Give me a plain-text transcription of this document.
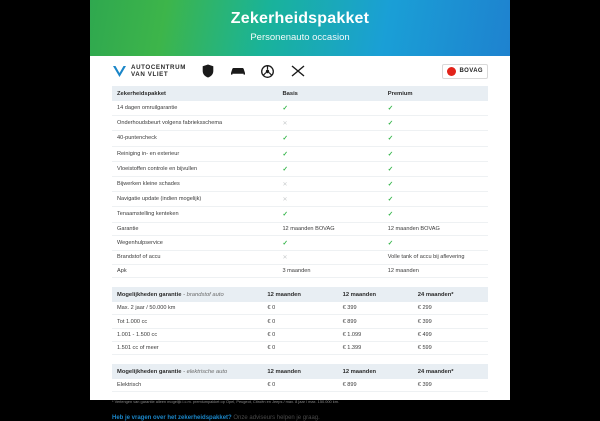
Zekerheidspakket
Personenauto occasion
AUTOCENTRUM
VAN VLIET	BOVAG
Zekerheidspakket	Basis	Premium
14 dagen omruilgarantie	✓	✓
Onderhoudsbeurt volgens fabrieksschema	✕	✓
40-puntencheck	✓	✓
Reiniging in- en exterieur	✓	✓
Vloeistoffen controle en bijvullen	✓	✓
Bijwerken kleine schades	✕	✓
Navigatie update (indien mogelijk)	✕	✓
Tenaamstelling kenteken	✓	✓
Garantie	12 maanden BOVAG	12 maanden BOVAG
Wegenhulpservice	✓	✓
Brandstof of accu	✕	Volle tank of accu bij aflevering
Apk	3 maanden	12 maanden
Mogelijkheden garantie - brandstof auto	12 maanden	12 maanden	24 maanden*
Max. 2 jaar / 50.000 km	€ 0	€ 399	€ 299
Tot 1.000 cc	€ 0	€ 899	€ 399
1.001 - 1.500 cc	€ 0	€ 1.099	€ 499
1.501 cc of meer	€ 0	€ 1.399	€ 599
Mogelijkheden garantie - elektrische auto	12 maanden	12 maanden	24 maanden*
Elektrisch	€ 0	€ 899	€ 399
* Verlengen van garantie alleen mogelijk i.c.m. premiumpakket op Opel, Peugeot, Citroën en Jeeps / max. 8 jaar / max. 150.000 km.
Heb je vragen over het zekerheidspakket? Onze adviseurs helpen je graag.
